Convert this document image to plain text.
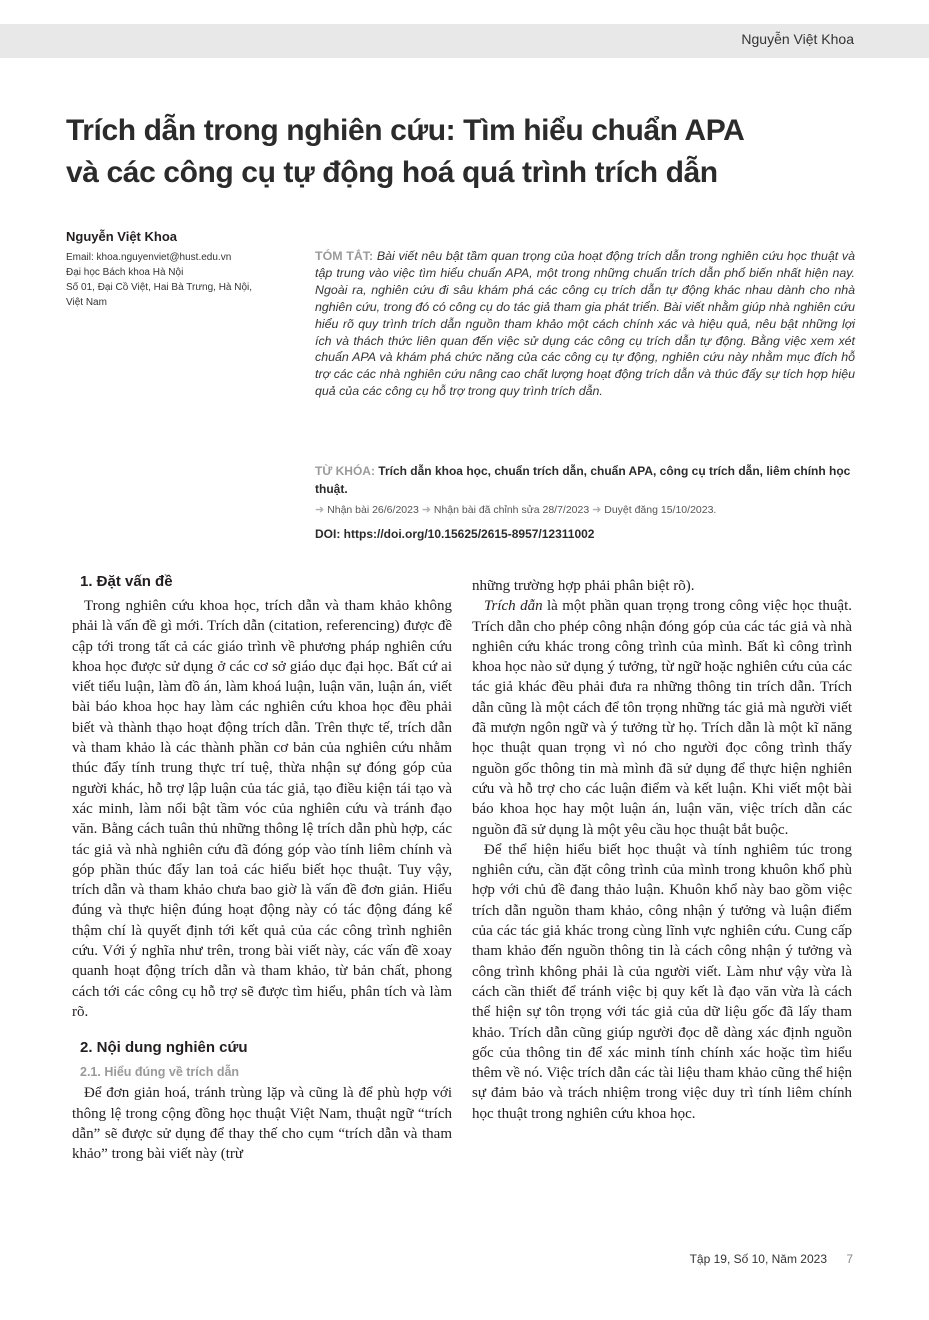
Nguyễn Việt Khoa
Trích dẫn trong nghiên cứu: Tìm hiểu chuẩn APA
và các công cụ tự động hoá quá trình trích dẫn
Nguyễn Việt Khoa
Email: khoa.nguyenviet@hust.edu.vn
Đại học Bách khoa Hà Nội
Số 01, Đại Cồ Việt, Hai Bà Trưng, Hà Nội,
Việt Nam

TÓM TẮT: Bài viết nêu bật tầm quan trọng của hoạt động trích dẫn trong nghiên cứu học thuật và tập trung vào việc tìm hiểu chuẩn APA, một trong những chuẩn trích dẫn phổ biến nhất hiện nay. Ngoài ra, nghiên cứu đi sâu khám phá các công cụ trích dẫn tự động khác nhau dành cho nhà nghiên cứu, trong đó có công cụ do tác giả tham gia phát triển. Bài viết nhằm giúp nhà nghiên cứu hiểu rõ quy trình trích dẫn nguồn tham khảo một cách chính xác và hiệu quả, nêu bật những lợi ích và thách thức liên quan đến việc sử dụng các công cụ trích dẫn tự động. Bằng việc xem xét chuẩn APA và khám phá chức năng của các công cụ tự động, nghiên cứu này nhằm mục đích hỗ trợ các các nhà nghiên cứu nâng cao chất lượng hoạt động trích dẫn và thúc đẩy sự tích hợp hiệu quả của các công cụ hỗ trợ trong quy trình trích dẫn.

TỪ KHÓA: Trích dẫn khoa học, chuẩn trích dẫn, chuẩn APA, công cụ trích dẫn, liêm chính học thuật.

➜ Nhận bài 26/6/2023 ➜ Nhận bài đã chỉnh sửa 28/7/2023 ➜ Duyệt đăng 15/10/2023.
DOI: https://doi.org/10.15625/2615-8957/12311002
1. Đặt vấn đề

Trong nghiên cứu khoa học, trích dẫn và tham khảo không phải là vấn đề gì mới. Trích dẫn (citation, referencing) được đề cập tới trong tất cả các giáo trình về phương pháp nghiên cứu khoa học được sử dụng ở các cơ sở giáo dục đại học. Bất cứ ai viết tiểu luận, làm đồ án, làm khoá luận, luận văn, luận án, viết bài báo khoa học hay làm các nghiên cứu khoa học đều phải biết và thành thạo hoạt động trích dẫn. Trên thực tế, trích dẫn và tham khảo là các thành phần cơ bản của nghiên cứu nhằm thúc đẩy tính trung thực trí tuệ, thừa nhận sự đóng góp của người khác, hỗ trợ lập luận của tác giả, tạo điều kiện tái tạo và xác minh, làm nổi bật tầm vóc của nghiên cứu và tránh đạo văn. Bằng cách tuân thủ những thông lệ trích dẫn phù hợp, các tác giả và nhà nghiên cứu đã đóng góp vào tính liêm chính và góp phần thúc đẩy lan toả các hiểu biết học thuật. Tuy vậy, trích dẫn và tham khảo chưa bao giờ là vấn đề đơn giản. Hiểu đúng và thực hiện đúng hoạt động này có tác động đáng kể thậm chí là quyết định tới kết quả của các công trình nghiên cứu. Với ý nghĩa như trên, trong bài viết này, các vấn đề xoay quanh hoạt động trích dẫn và tham khảo, từ bản chất, phong cách tới các công cụ hỗ trợ sẽ được tìm hiểu, phân tích và làm rõ.

2. Nội dung nghiên cứu
2.1. Hiểu đúng về trích dẫn

Để đơn giản hoá, tránh trùng lặp và cũng là để phù hợp với thông lệ trong cộng đồng học thuật Việt Nam, thuật ngữ “trích dẫn” sẽ được sử dụng để thay thế cho cụm “trích dẫn và tham khảo” trong bài viết này (trừ

những trường hợp phải phân biệt rõ).

Trích dẫn là một phần quan trọng trong công việc học thuật. Trích dẫn cho phép công nhận đóng góp của các tác giả và nhà nghiên cứu khác trong công trình của mình. Bất kì công trình khoa học nào sử dụng ý tưởng, từ ngữ hoặc nghiên cứu của các tác giả khác đều phải đưa ra những thông tin trích dẫn. Trích dẫn cũng là một cách để tôn trọng những tác giả mà người viết đã mượn ngôn ngữ và ý tưởng từ họ. Trích dẫn là một kĩ năng học thuật quan trọng vì nó cho người đọc công trình thấy nguồn gốc thông tin mà mình đã sử dụng để thực hiện nghiên cứu và hỗ trợ cho các luận điểm và kết luận. Khi viết một bài báo khoa học hay một luận án, luận văn, việc trích dẫn các nguồn đã sử dụng là một yêu cầu học thuật bắt buộc.

Để thể hiện hiểu biết học thuật và tính nghiêm túc trong nghiên cứu, cần đặt công trình của mình trong khuôn khổ phù hợp với chủ đề đang thảo luận. Khuôn khổ này bao gồm việc trích dẫn nguồn tham khảo, công nhận ý tưởng và luận điểm của các tác giả khác trong cùng lĩnh vực nghiên cứu. Cung cấp tham khảo đến nguồn thông tin là cách công nhận ý tưởng và công trình không phải là của người viết. Làm như vậy vừa là cách cần thiết để tránh việc bị quy kết là đạo văn vừa là cách thể hiện sự tôn trọng với tác giả của dữ liệu gốc đã lấy tham khảo. Trích dẫn cũng giúp người đọc dễ dàng xác định nguồn gốc của thông tin để xác minh tính chính xác hoặc tìm hiểu thêm về nó. Việc trích dẫn các tài liệu tham khảo cũng thể hiện sự đảm bảo và trách nhiệm trong việc duy trì tính liêm chính học thuật trong nghiên cứu khoa học.

Tập 19, Số 10, Năm 2023 7
